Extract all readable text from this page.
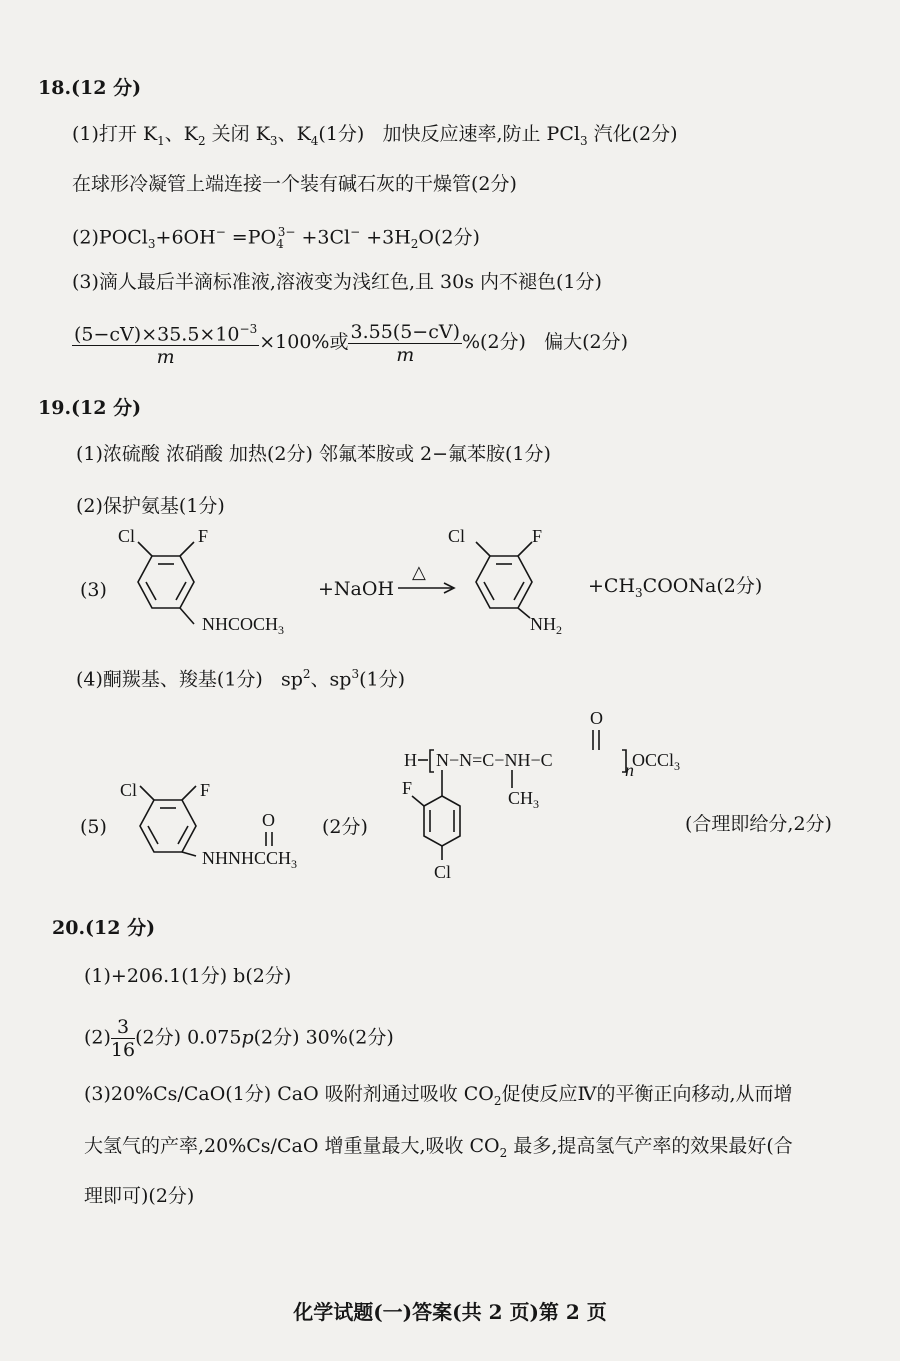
18.(12 分)
(1)打开 $K_1$、$K_2$ 关闭 $K_3$、$K_4(1$分) 加快反应速率,防止 PCl$_3$ 汽化(2分)
在球形冷凝管上端连接一个装有碱石灰的干燥管(2分)
(2)POCl$_3$+6OH− $=PO_4^{3-} +3Cl^- +3H_2O(2$分)
(3)滴人最后半滴标准液,溶液变为浅红色,且 30s 内不褪色(1分)
$\frac{(5-cV)\times 35.5\times 10^{-3}}{m} \times 100\%$或 $\frac{3.55(5-cV)}{m} \%(2$分) 偏大(2分)
19.(12 分)
(1)浓硫酸 浓硝酸 加热(2分) 邻氟苯胺或 2−氟苯胺(1分)
(2)保护氨基(1分)
(3)
Cl	F
$NHCOCH_3$
+NaOH
△
Cl	F
$NH_2$
$+CH_3COONa(2$分)
(4)酮羰基、羧基(1分) $sp^2$、$sp^3(1$分)
(5)
Cl	F
O
$NHNHCCH_3$
(2分)
H N−N=C−NH−C	n
OCCl$_3$
O
$CH_3$
F
Cl
(合理即给分,2分)
20.(12 分)
(1)+206.1(1分) b(2分)
$(2) \frac{3}{16} (2$分) 0.075p(2分) 30%(2分)
(3)20%Cs/CaO(1分) CaO 吸附剂通过吸收 $CO_2$促使反应Ⅳ的平衡正向移动,从而增
大氢气的产率,20%Cs/CaO 增重量最大,吸收 $CO_2$ 最多,提高氢气产率的效果最好(合
理即可)(2分)
化学试题(一)答案(共 2 页)第 2 页
